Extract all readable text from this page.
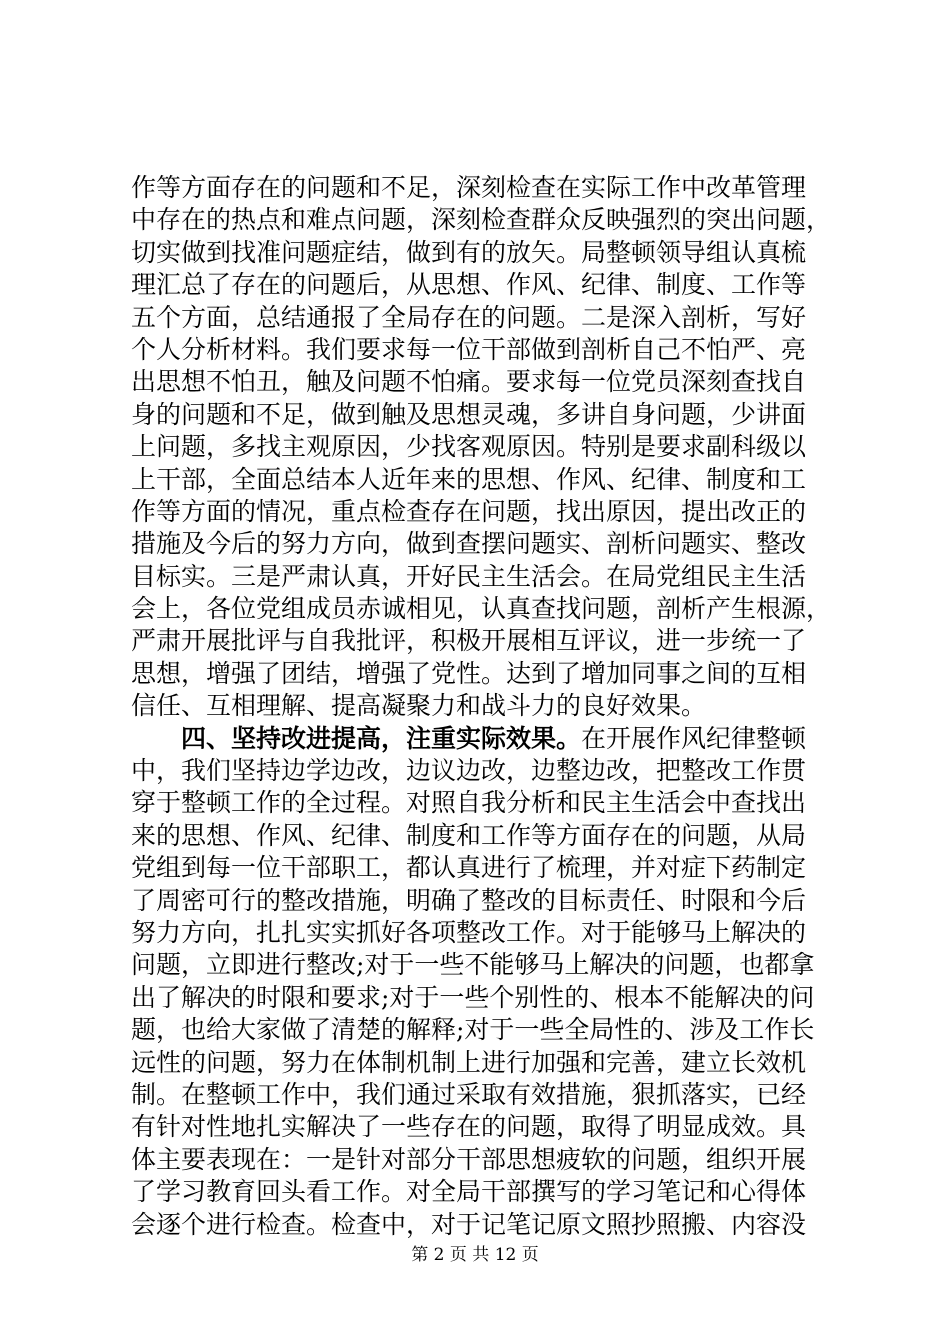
作等方面存在的问题和不足，深刻检查在实际工作中改革管理
中存在的热点和难点问题，深刻检查群众反映强烈的突出问题，
切实做到找准问题症结，做到有的放矢。局整顿领导组认真梳
理汇总了存在的问题后，从思想、作风、纪律、制度、工作等
五个方面，总结通报了全局存在的问题。二是深入剖析，写好
个人分析材料。我们要求每一位干部做到剖析自己不怕严、亮
出思想不怕丑，触及问题不怕痛。要求每一位党员深刻查找自
身的问题和不足，做到触及思想灵魂，多讲自身问题，少讲面
上问题，多找主观原因，少找客观原因。特别是要求副科级以
上干部，全面总结本人近年来的思想、作风、纪律、制度和工
作等方面的情况，重点检查存在问题，找出原因，提出改正的
措施及今后的努力方向，做到查摆问题实、剖析问题实、整改
目标实。三是严肃认真，开好民主生活会。在局党组民主生活
会上，各位党组成员赤诚相见，认真查找问题，剖析产生根源，
严肃开展批评与自我批评，积极开展相互评议，进一步统一了
思想，增强了团结，增强了党性。达到了增加同事之间的互相
信任、互相理解、提高凝聚力和战斗力的良好效果。
四、坚持改进提高，注重实际效果。在开展作风纪律整顿
中，我们坚持边学边改，边议边改，边整边改，把整改工作贯
穿于整顿工作的全过程。对照自我分析和民主生活会中查找出
来的思想、作风、纪律、制度和工作等方面存在的问题，从局
党组到每一位干部职工，都认真进行了梳理，并对症下药制定
了周密可行的整改措施，明确了整改的目标责任、时限和今后
努力方向，扎扎实实抓好各项整改工作。对于能够马上解决的
问题，立即进行整改;对于一些不能够马上解决的问题，也都拿
出了解决的时限和要求;对于一些个别性的、根本不能解决的问
题，也给大家做了清楚的解释;对于一些全局性的、涉及工作长
远性的问题，努力在体制机制上进行加强和完善，建立长效机
制。在整顿工作中，我们通过采取有效措施，狠抓落实，已经
有针对性地扎实解决了一些存在的问题，取得了明显成效。具
体主要表现在：一是针对部分干部思想疲软的问题，组织开展
了学习教育回头看工作。对全局干部撰写的学习笔记和心得体
会逐个进行检查。检查中，对于记笔记原文照抄照搬、内容没
第 2 页 共 12 页
